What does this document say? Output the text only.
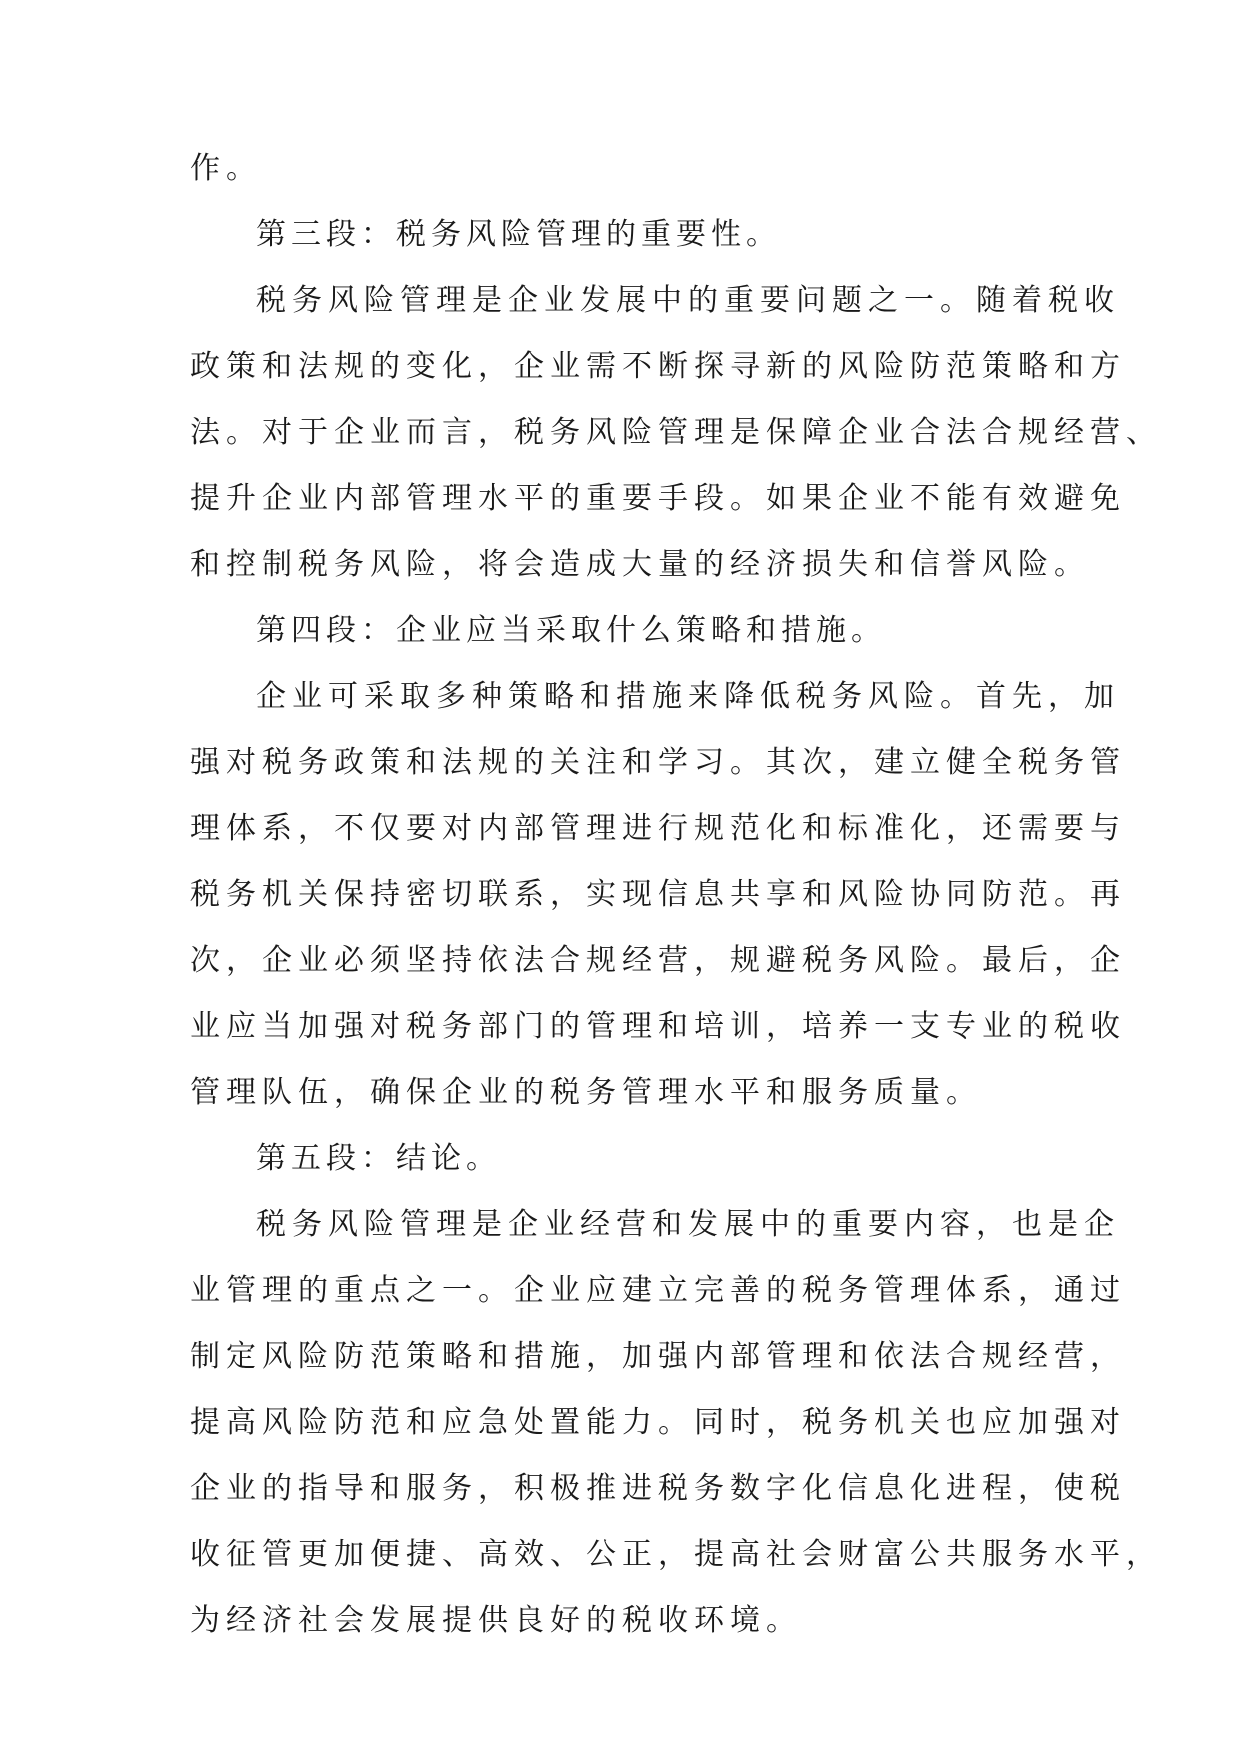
作。
第三段：税务风险管理的重要性。
税务风险管理是企业发展中的重要问题之一。随着税收
政策和法规的变化，企业需不断探寻新的风险防范策略和方
法。对于企业而言，税务风险管理是保障企业合法合规经营、
提升企业内部管理水平的重要手段。如果企业不能有效避免
和控制税务风险，将会造成大量的经济损失和信誉风险。
第四段：企业应当采取什么策略和措施。
企业可采取多种策略和措施来降低税务风险。首先，加
强对税务政策和法规的关注和学习。其次，建立健全税务管
理体系，不仅要对内部管理进行规范化和标准化，还需要与
税务机关保持密切联系，实现信息共享和风险协同防范。再
次，企业必须坚持依法合规经营，规避税务风险。最后，企
业应当加强对税务部门的管理和培训，培养一支专业的税收
管理队伍，确保企业的税务管理水平和服务质量。
第五段：结论。
税务风险管理是企业经营和发展中的重要内容，也是企
业管理的重点之一。企业应建立完善的税务管理体系，通过
制定风险防范策略和措施，加强内部管理和依法合规经营，
提高风险防范和应急处置能力。同时，税务机关也应加强对
企业的指导和服务，积极推进税务数字化信息化进程，使税
收征管更加便捷、高效、公正，提高社会财富公共服务水平，
为经济社会发展提供良好的税收环境。
